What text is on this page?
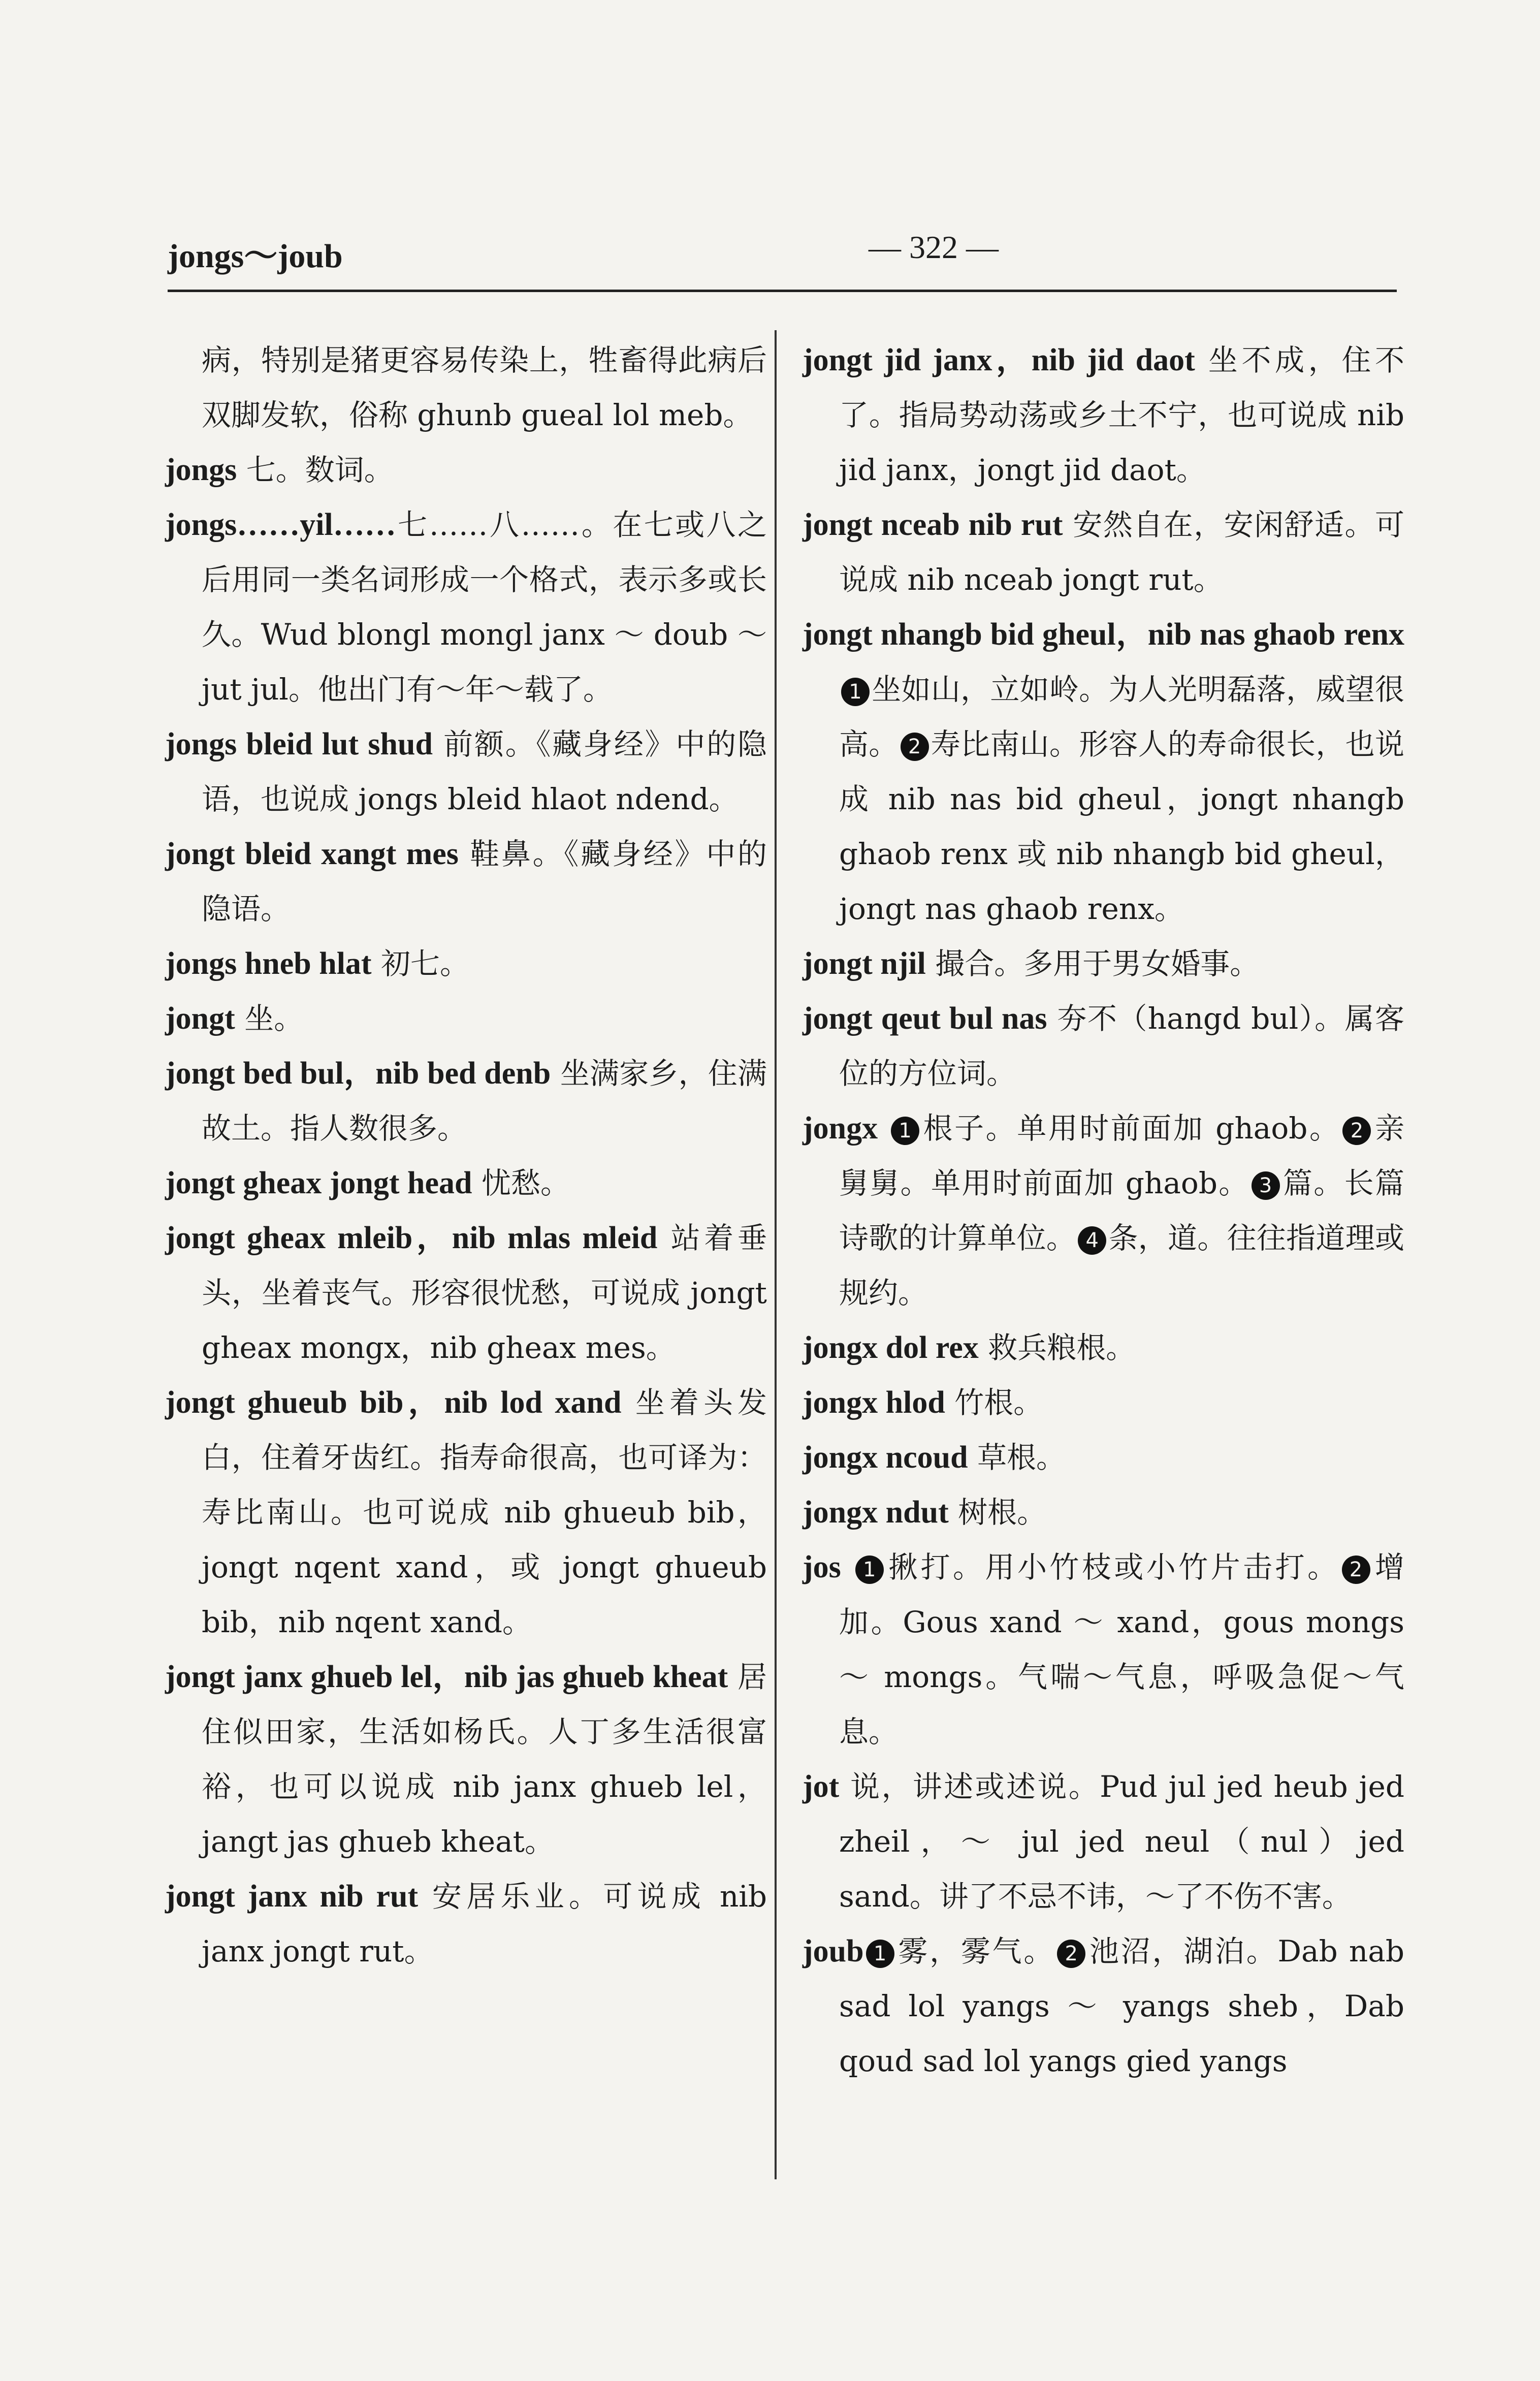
jongs～joub	— 322 —

病，特别是猪更容易传染上，牲畜得此病后双脚发软，俗称 ghunb gueal lol meb。

jongs 七。数词。

jongs……yil……七……八……。在七或八之后用同一类名词形成一个格式，表示多或长久。Wud blongl mongl janx ～ doub ～ jut jul。他出门有～年～载了。

jongs bleid lut shud 前额。《藏身经》中的隐语，也说成 jongs bleid hlaot ndend。

jongt bleid xangt mes 鞋鼻。《藏身经》中的隐语。

jongs hneb hlat 初七。

jongt 坐。

jongt bed bul，nib bed denb 坐满家乡，住满故土。指人数很多。

jongt gheax jongt head 忧愁。

jongt gheax mleib，nib mlas mleid 站着垂头，坐着丧气。形容很忧愁，可说成 jongt gheax mongx，nib gheax mes。

jongt ghueub bib，nib lod xand 坐着头发白，住着牙齿红。指寿命很高，也可译为：寿比南山。也可说成 nib ghueub bib，jongt nqent xand，或 jongt ghueub bib，nib nqent xand。

jongt janx ghueb lel，nib jas ghueb kheat 居住似田家，生活如杨氏。人丁多生活很富裕，也可以说成 nib janx ghueb lel，jangt jas ghueb kheat。

jongt janx nib rut 安居乐业。可说成 nib janx jongt rut。

jongt jid janx，nib jid daot 坐不成，住不了。指局势动荡或乡土不宁，也可说成 nib jid janx，jongt jid daot。

jongt nceab nib rut 安然自在，安闲舒适。可说成 nib nceab jongt rut。

jongt nhangb bid gheul，nib nas ghaob renx1 坐如山，立如岭。为人光明磊落，威望很高。 2 寿比南山。形容人的寿命很长，也说成 nib nas bid gheul，jongt nhangb ghaob renx 或 nib nhangb bid gheul，jongt nas ghaob renx。

jongt njil 撮合。多用于男女婚事。

jongt qeut bul nas 夯不（hangd bul）。属客位的方位词。

jongx 1 根子。单用时前面加 ghaob。 2 亲舅舅。单用时前面加 ghaob。 3 篇。长篇诗歌的计算单位。 4 条，道。往往指道理或规约。

jongx dol rex 救兵粮根。

jongx hlod 竹根。

jongx ncoud 草根。

jongx ndut 树根。

jos 1 揪打。用小竹枝或小竹片击打。 2 增加。Gous xand ～ xand，gous mongs ～ mongs。气喘～气息，呼吸急促～气息。

jot 说，讲述或述说。Pud jul jed heub jed zheil，～ jul jed neul（nul）jed sand。讲了不忌不讳，～了不伤不害。

joub 1 雾，雾气。 2 池沼，湖泊。Dab nab sad lol yangs ～ yangs sheb，Dab qoud sad lol yangs gied yangs
